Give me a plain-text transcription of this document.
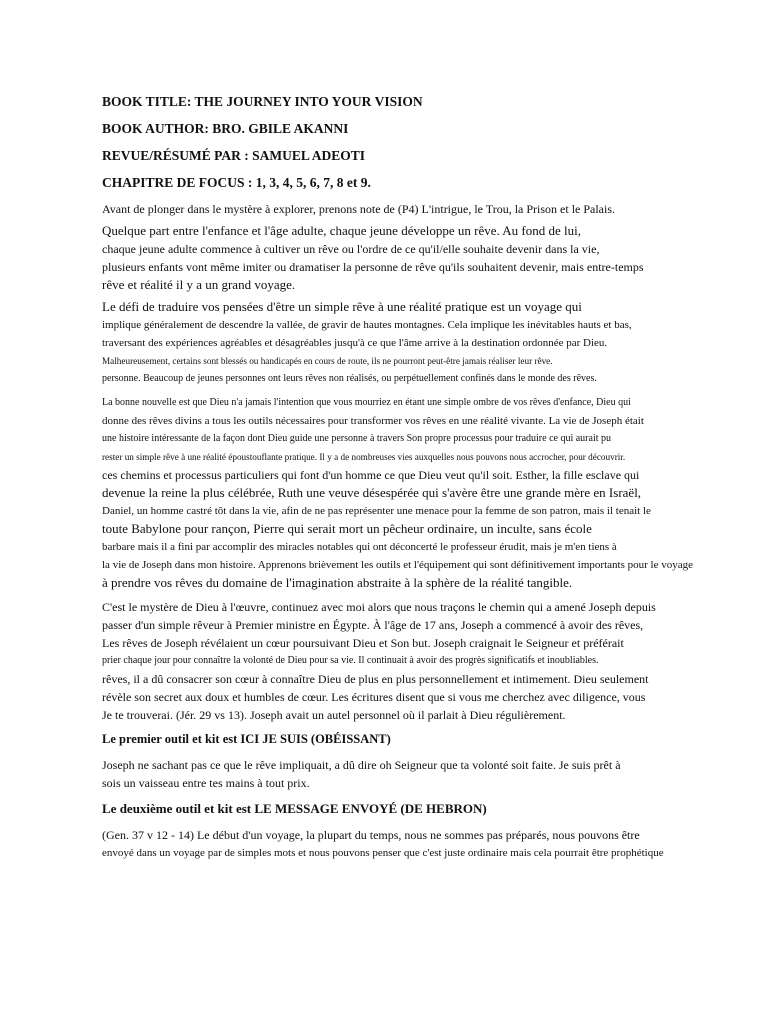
BOOK TITLE: THE JOURNEY INTO YOUR VISION

BOOK AUTHOR: BRO. GBILE AKANNI

REVUE/RÉSUMÉ PAR : SAMUEL ADEOTI

CHAPITRE DE FOCUS : 1, 3, 4, 5, 6, 7, 8 et 9.

Avant de plonger dans le mystère à explorer, prenons note de (P4) L'intrigue, le Trou, la Prison et le Palais.

Quelque part entre l'enfance et l'âge adulte, chaque jeune développe un rêve. Au fond de lui,

chaque jeune adulte commence à cultiver un rêve ou l'ordre de ce qu'il/elle souhaite devenir dans la vie,

plusieurs enfants vont même imiter ou dramatiser la personne de rêve qu'ils souhaitent devenir, mais entre-temps

rêve et réalité il y a un grand voyage.

Le défi de traduire vos pensées d'être un simple rêve à une réalité pratique est un voyage qui

implique généralement de descendre la vallée, de gravir de hautes montagnes. Cela implique les inévitables hauts et bas,

traversant des expériences agréables et désagréables jusqu'à ce que l'âme arrive à la destination ordonnée par Dieu.

Malheureusement, certains sont blessés ou handicapés en cours de route, ils ne pourront peut-être jamais réaliser leur rêve.

personne. Beaucoup de jeunes personnes ont leurs rêves non réalisés, ou perpétuellement confinés dans le monde des rêves.

La bonne nouvelle est que Dieu n'a jamais l'intention que vous mourriez en étant une simple ombre de vos rêves d'enfance, Dieu qui

donne des rêves divins a tous les outils nécessaires pour transformer vos rêves en une réalité vivante. La vie de Joseph était

une histoire intéressante de la façon dont Dieu guide une personne à travers Son propre processus pour traduire ce qui aurait pu

rester un simple rêve à une réalité époustouflante pratique. Il y a de nombreuses vies auxquelles nous pouvons nous accrocher, pour découvrir.

ces chemins et processus particuliers qui font d'un homme ce que Dieu veut qu'il soit. Esther, la fille esclave qui

devenue la reine la plus célébrée, Ruth une veuve désespérée qui s'avère être une grande mère en Israël,

Daniel, un homme castré tôt dans la vie, afin de ne pas représenter une menace pour la femme de son patron, mais il tenait le

toute Babylone pour rançon, Pierre qui serait mort un pêcheur ordinaire, un inculte, sans école

barbare mais il a fini par accomplir des miracles notables qui ont déconcerté le professeur érudit, mais je m'en tiens à

la vie de Joseph dans mon histoire. Apprenons brièvement les outils et l'équipement qui sont définitivement importants pour le voyage

à prendre vos rêves du domaine de l'imagination abstraite à la sphère de la réalité tangible.

C'est le mystère de Dieu à l'œuvre, continuez avec moi alors que nous traçons le chemin qui a amené Joseph depuis

passer d'un simple rêveur à Premier ministre en Égypte. À l'âge de 17 ans, Joseph a commencé à avoir des rêves,

Les rêves de Joseph révélaient un cœur poursuivant Dieu et Son but. Joseph craignait le Seigneur et préférait

prier chaque jour pour connaître la volonté de Dieu pour sa vie. Il continuait à avoir des progrès significatifs et inoubliables.

rêves, il a dû consacrer son cœur à connaître Dieu de plus en plus personnellement et intimement. Dieu seulement

révèle son secret aux doux et humbles de cœur. Les écritures disent que si vous me cherchez avec diligence, vous

Je te trouverai. (Jér. 29 vs 13). Joseph avait un autel personnel où il parlait à Dieu régulièrement.

Le premier outil et kit est ICI JE SUIS (OBÉISSANT)

Joseph ne sachant pas ce que le rêve impliquait, a dû dire oh Seigneur que ta volonté soit faite. Je suis prêt à

sois un vaisseau entre tes mains à tout prix.

Le deuxième outil et kit est LE MESSAGE ENVOYÉ (DE HEBRON)

(Gen. 37 v 12 - 14) Le début d'un voyage, la plupart du temps, nous ne sommes pas préparés, nous pouvons être

envoyé dans un voyage par de simples mots et nous pouvons penser que c'est juste ordinaire mais cela pourrait être prophétique
